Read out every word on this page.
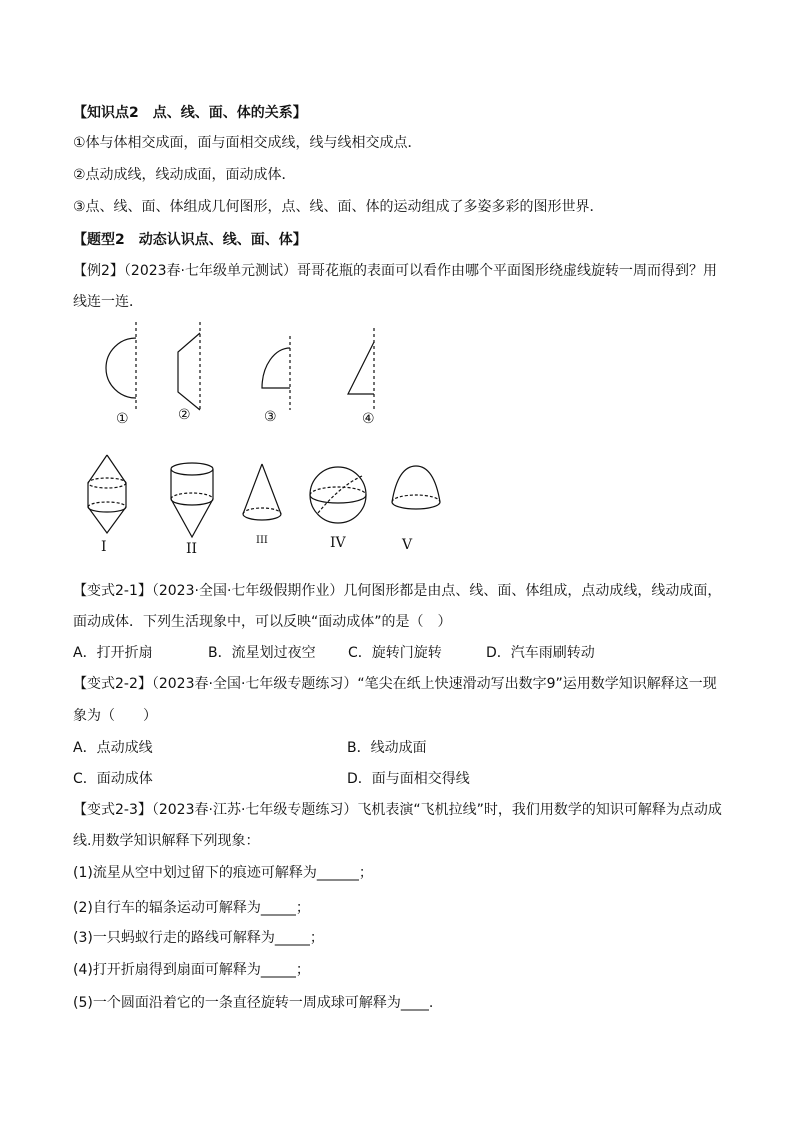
【知识点2　点、线、面、体的关系】
①体与体相交成面，面与面相交成线，线与线相交成点．
②点动成线，线动成面，面动成体．
③点、线、面、体组成几何图形，点、线、面、体的运动组成了多姿多彩的图形世界．
【题型2　动态认识点、线、面、体】
【例2】（2023春·七年级单元测试）哥哥花瓶的表面可以看作由哪个平面图形绕虚线旋转一周而得到？用
线连一连．
①	②	③	④
I	II
III	IV	V
【变式2-1】（2023·全国·七年级假期作业）几何图形都是由点、线、面、体组成，点动成线，线动成面，
面动成体．下列生活现象中，可以反映“面动成体”的是（　）
A．打开折扇	B．流星划过夜空 C．旋转门旋转	D．汽车雨刷转动
【变式2-2】（2023春·全国·七年级专题练习）“笔尖在纸上快速滑动写出数字9”运用数学知识解释这一现
象为（　　）
A．点动成线	B．线动成面
C．面动成体	D．面与面相交得线
【变式2-3】（2023春·江苏·七年级专题练习）飞机表演“飞机拉线”时，我们用数学的知识可解释为点动成
线.用数学知识解释下列现象：
(1)流星从空中划过留下的痕迹可解释为______；
(2)自行车的辐条运动可解释为_____；
(3)一只蚂蚁行走的路线可解释为_____；
(4)打开折扇得到扇面可解释为_____；
(5)一个圆面沿着它的一条直径旋转一周成球可解释为____.
